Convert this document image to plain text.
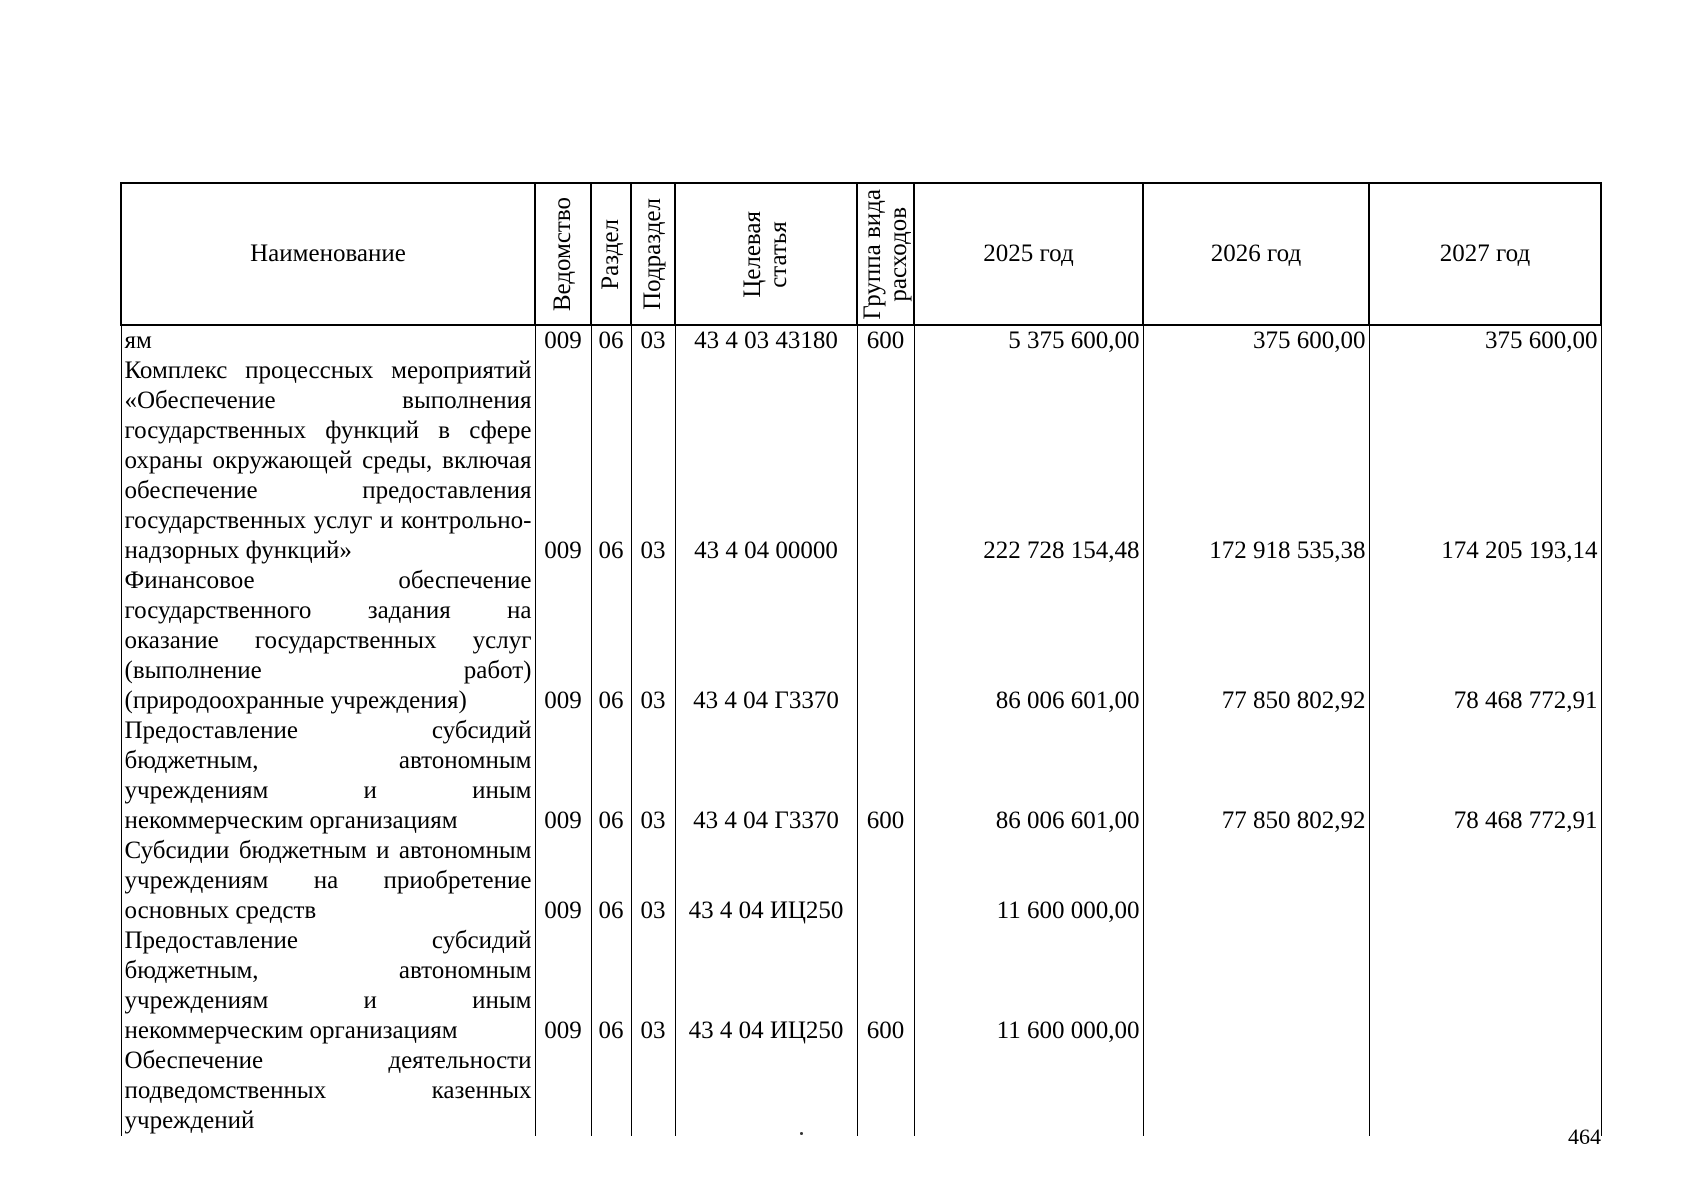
Наименование	Ведомство	Раздел	Подраздел	Целевая статья	Группа вида расходов	2025 год	2026 год	2027 год

ям	009	06	03	43 4 03 43180	600	5 375 600,00	375 600,00	375 600,00
Комплекс процессных мероприятий «Обеспечение выполнения государственных функций в сфере охраны окружающей среды, включая обеспечение предоставления государственных услуг и контрольно-надзорных функций»	009	06	03	43 4 04 00000		222 728 154,48	172 918 535,38	174 205 193,14
Финансовое обеспечение государственного задания на оказание государственных услуг (выполнение работ) (природоохранные учреждения)	009	06	03	43 4 04 Г3370		86 006 601,00	77 850 802,92	78 468 772,91
Предоставление субсидий бюджетным, автономным учреждениям и иным некоммерческим организациям	009	06	03	43 4 04 Г3370	600	86 006 601,00	77 850 802,92	78 468 772,91
Субсидии бюджетным и автономным учреждениям на приобретение основных средств	009	06	03	43 4 04 ИЦ250		11 600 000,00		
Предоставление субсидий бюджетным, автономным учреждениям и иным некоммерческим организациям	009	06	03	43 4 04 ИЦ250	600	11 600 000,00		
Обеспечение деятельности подведомственных казенных учреждений								
464
